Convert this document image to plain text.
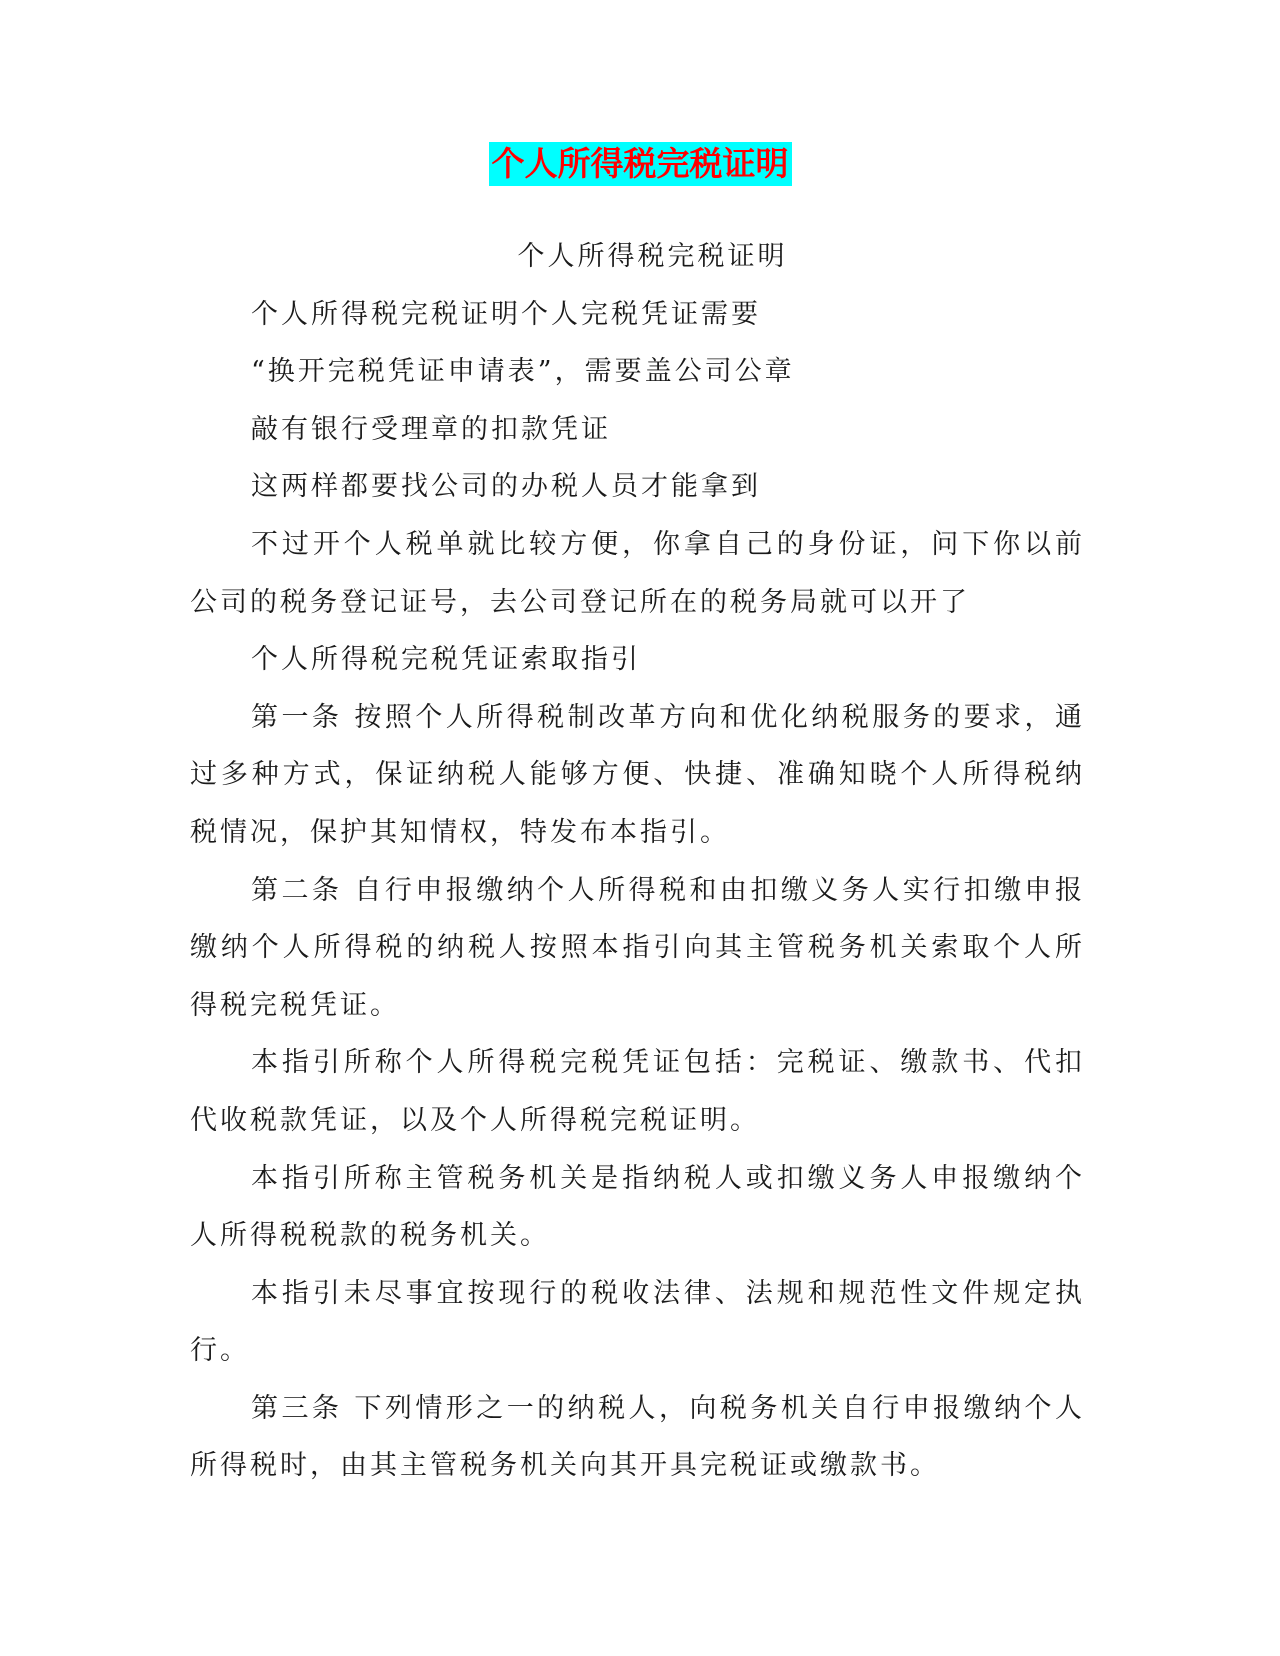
个人所得税完税证明

个人所得税完税证明

个人所得税完税证明个人完税凭证需要

“换开完税凭证申请表”，需要盖公司公章

敲有银行受理章的扣款凭证

这两样都要找公司的办税人员才能拿到

不过开个人税单就比较方便，你拿自己的身份证，问下你以前公司的税务登记证号，去公司登记所在的税务局就可以开了

个人所得税完税凭证索取指引

第一条 按照个人所得税制改革方向和优化纳税服务的要求，通过多种方式，保证纳税人能够方便、快捷、准确知晓个人所得税纳税情况，保护其知情权，特发布本指引。

第二条 自行申报缴纳个人所得税和由扣缴义务人实行扣缴申报缴纳个人所得税的纳税人按照本指引向其主管税务机关索取个人所得税完税凭证。

本指引所称个人所得税完税凭证包括：完税证、缴款书、代扣代收税款凭证，以及个人所得税完税证明。

本指引所称主管税务机关是指纳税人或扣缴义务人申报缴纳个人所得税税款的税务机关。

本指引未尽事宜按现行的税收法律、法规和规范性文件规定执行。

第三条 下列情形之一的纳税人，向税务机关自行申报缴纳个人所得税时，由其主管税务机关向其开具完税证或缴款书。
